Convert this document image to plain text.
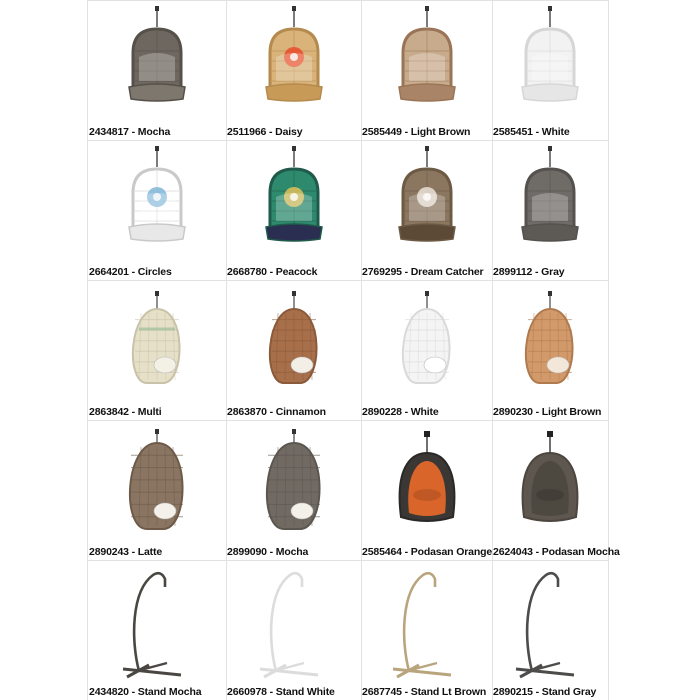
2434817 - Mocha	2511966 - Daisy	2585449 - Light Brown 2585451 - White
2664201 - Circles	2668780 - Peacock	2769295 - Dream Catcher 2899112 - Gray
2863842 - Multi	2863870 - Cinnamon	2890228 - White	2890230 - Light Brown
2890243 - Latte	2899090 - Mocha	2585464 - Podasan Orange 2624043 - Podasan Mocha
2434820 - Stand Mocha 2660978 - Stand White	2687745 - Stand Lt Brown 2890215 - Stand Gray
